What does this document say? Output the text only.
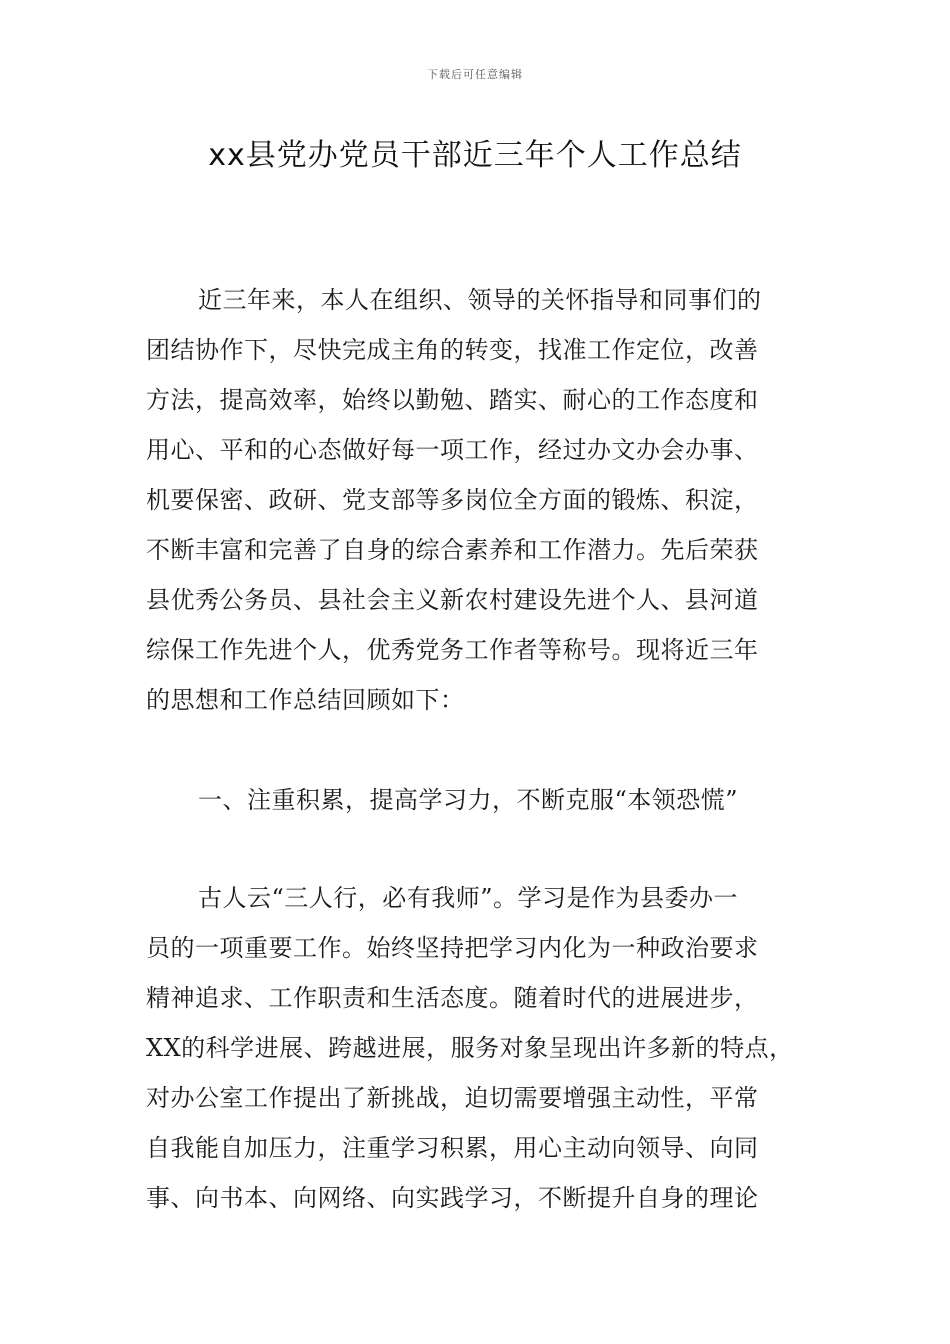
下载后可任意编辑
xx县党办党员干部近三年个人工作总结
近三年来，本人在组织、领导的关怀指导和同事们的
团结协作下，尽快完成主角的转变，找准工作定位，改善
方法，提高效率，始终以勤勉、踏实、耐心的工作态度和
用心、平和的心态做好每一项工作，经过办文办会办事、
机要保密、政研、党支部等多岗位全方面的锻炼、积淀，
不断丰富和完善了自身的综合素养和工作潜力。先后荣获
县优秀公务员、县社会主义新农村建设先进个人、县河道
综保工作先进个人，优秀党务工作者等称号。现将近三年
的思想和工作总结回顾如下：
一、注重积累，提高学习力，不断克服“本领恐慌”
古人云“三人行，必有我师”。学习是作为县委办一
员的一项重要工作。始终坚持把学习内化为一种政治要求
精神追求、工作职责和生活态度。随着时代的进展进步，
XX的科学进展、跨越进展，服务对象呈现出许多新的特点，
对办公室工作提出了新挑战，迫切需要增强主动性，平常
自我能自加压力，注重学习积累，用心主动向领导、向同
事、向书本、向网络、向实践学习，不断提升自身的理论
